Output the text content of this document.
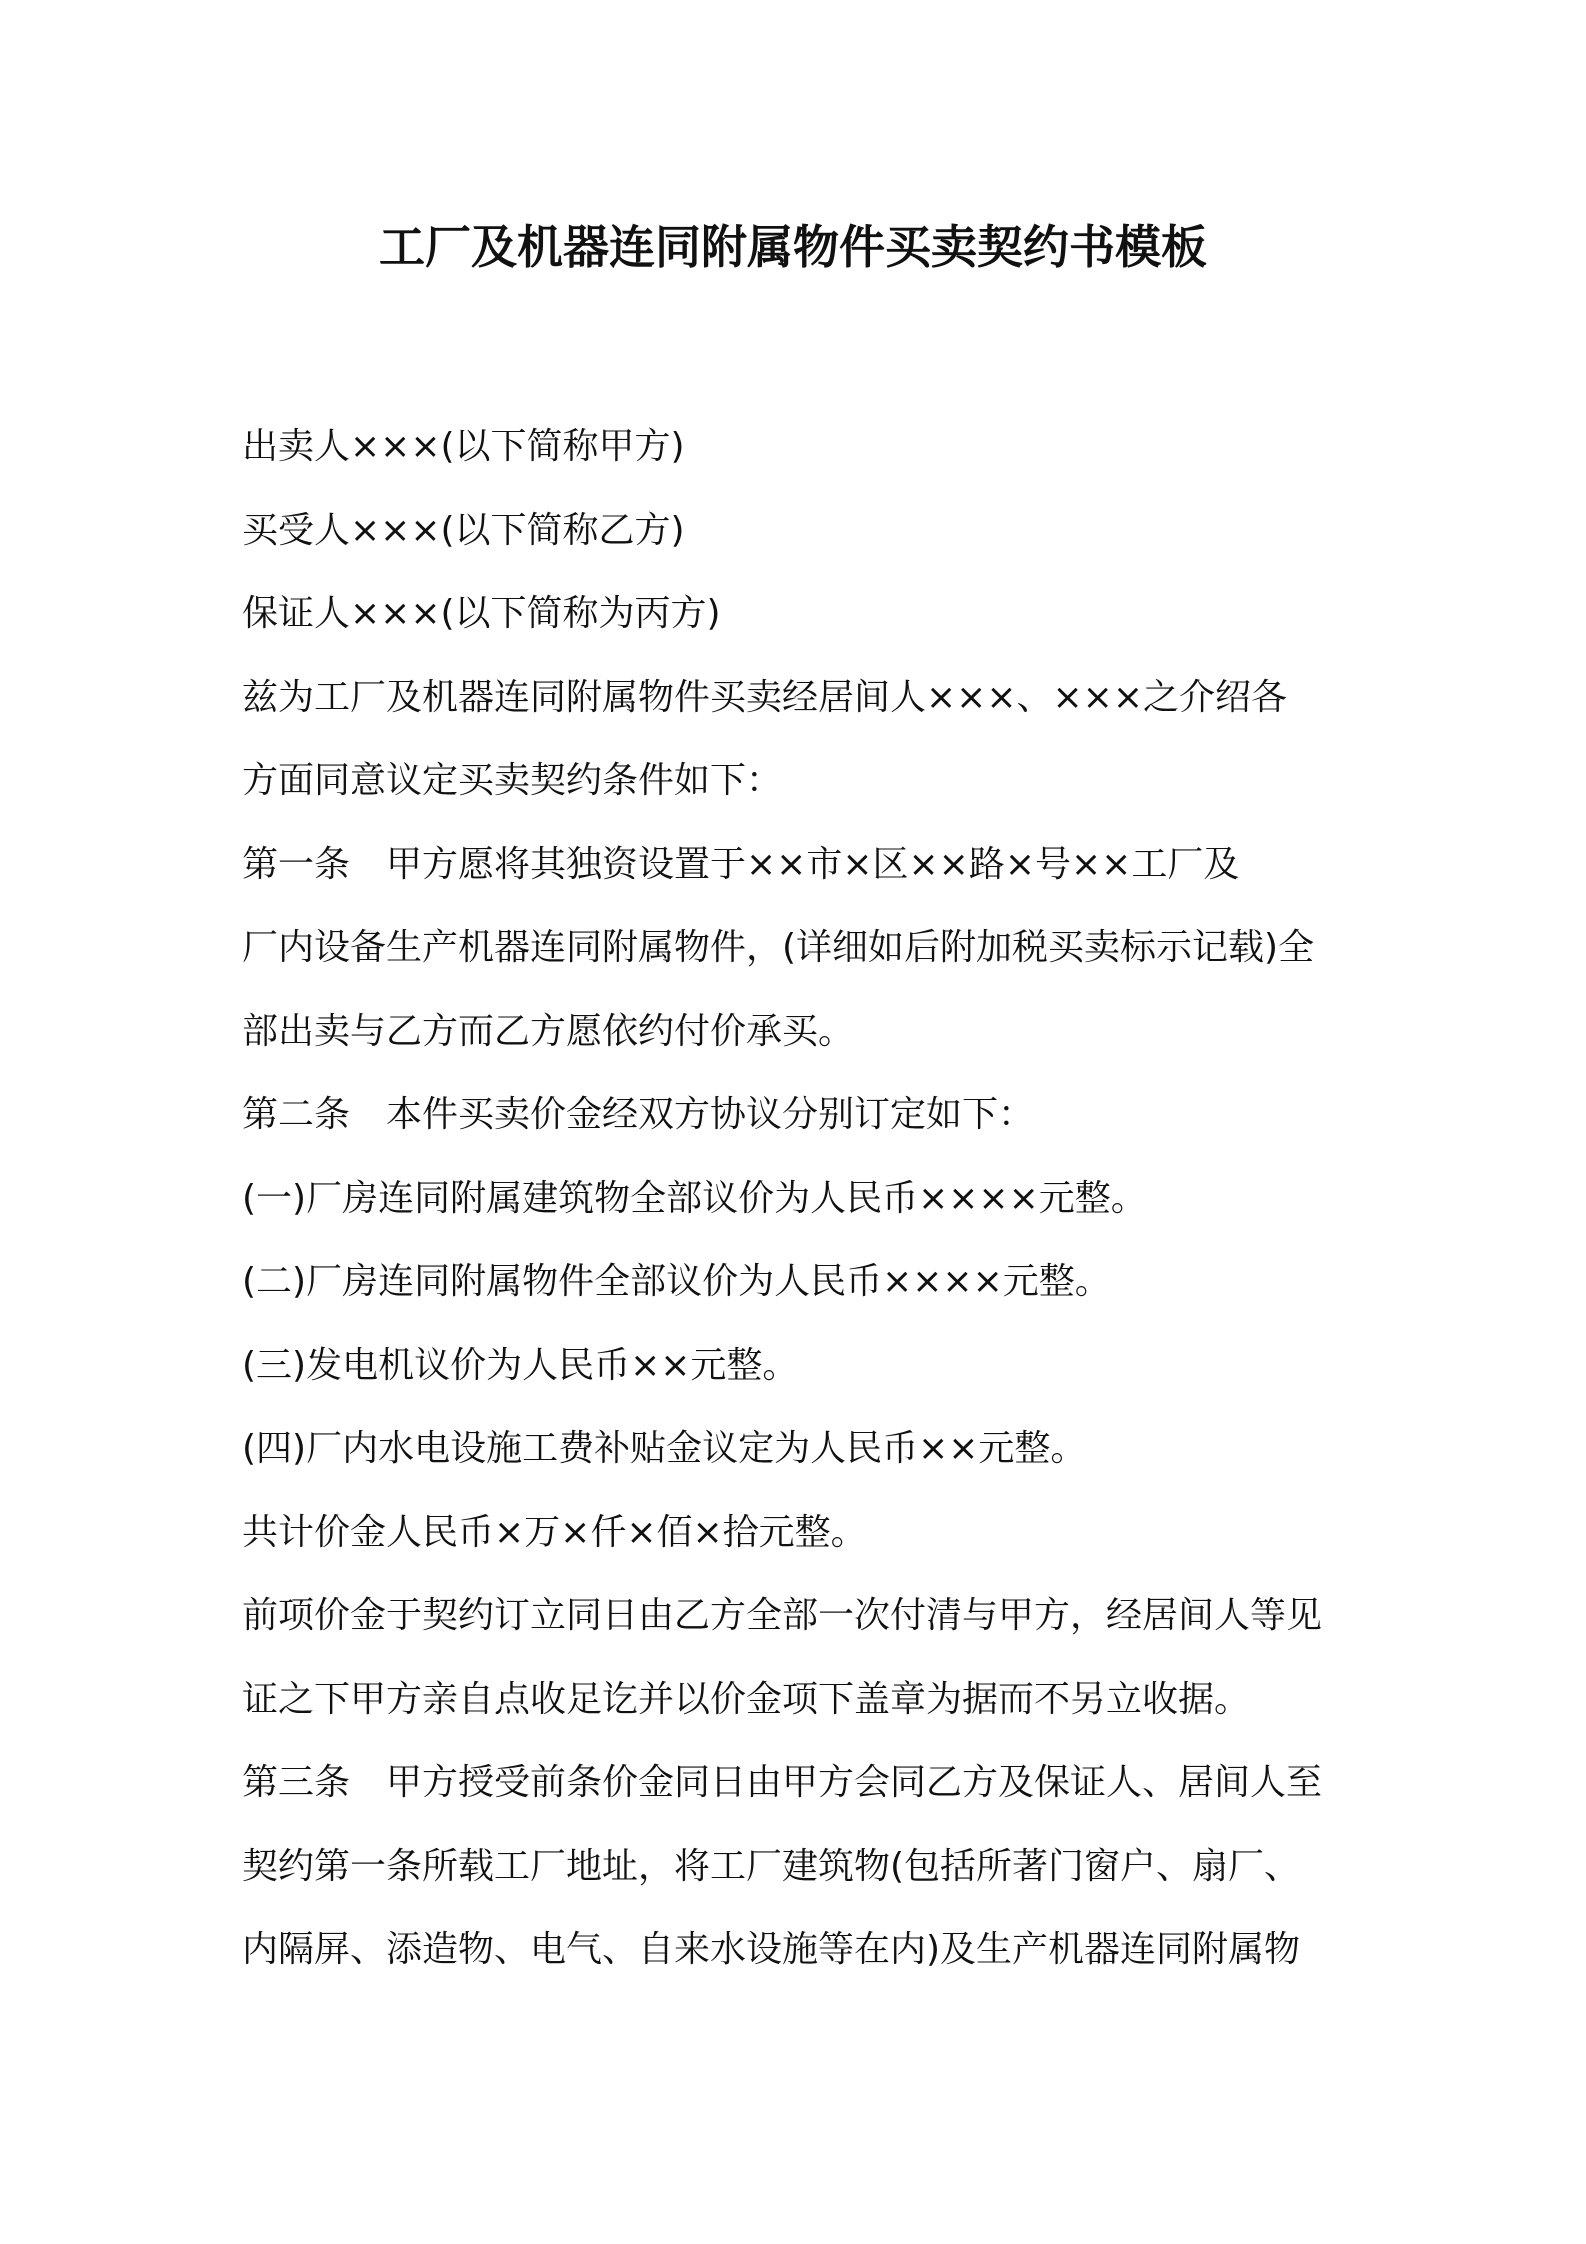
工厂及机器连同附属物件买卖契约书模板

出卖人×××(以下简称甲方)

买受人×××(以下简称乙方)

保证人×××(以下简称为丙方)

兹为工厂及机器连同附属物件买卖经居间人×××、×××之介绍各

方面同意议定买卖契约条件如下：

第一条 甲方愿将其独资设置于××市×区××路×号××工厂及

厂内设备生产机器连同附属物件，(详细如后附加税买卖标示记载)全

部出卖与乙方而乙方愿依约付价承买。

第二条 本件买卖价金经双方协议分别订定如下：

(一)厂房连同附属建筑物全部议价为人民币××××元整。

(二)厂房连同附属物件全部议价为人民币××××元整。

(三)发电机议价为人民币××元整。

(四)厂内水电设施工费补贴金议定为人民币××元整。

共计价金人民币×万×仟×佰×拾元整。

前项价金于契约订立同日由乙方全部一次付清与甲方，经居间人等见

证之下甲方亲自点收足讫并以价金项下盖章为据而不另立收据。

第三条 甲方授受前条价金同日由甲方会同乙方及保证人、居间人至

契约第一条所载工厂地址，将工厂建筑物(包括所著门窗户、扇厂、

内隔屏、添造物、电气、自来水设施等在内)及生产机器连同附属物
